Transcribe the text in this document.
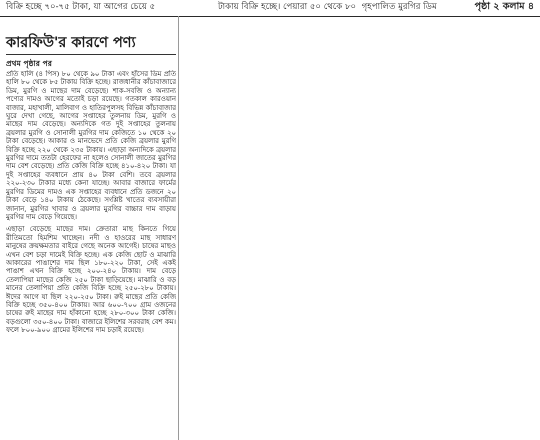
বিক্রি হচ্ছে ৭০-৭৫ টাকা, যা আগের চেয়ে ৫	টাকায় বিক্রি হচ্ছে। পেয়ারা ৫০ থেকে ৮০ গৃহপালিত মুরগির ডিম	পৃষ্ঠা ২ কলাম ৪
কারফিউ'র কারণে পণ্য
প্রথম পৃষ্ঠার পর

প্রতি হালি (৪ পিস) ৮০ থেকে ৯০ টাকা এবং হাঁসের ডিম প্রতি হালি ৮০ থেকে ৮৫ টাকায় বিক্রি হচ্ছে। রাজধানীর কাঁচাবাজারে ডিম, মুরগি ও মাছের দাম বেড়েছে। শাক-সবজি ও অন্যান্য পণ্যের দামও আগের মতোই চড়া রয়েছে। গতকাল কারওয়ান বাজার, মহাখালী, মালিবাগ ও হাতিরপুলসহ বিভিন্ন কাঁচাবাজার ঘুরে দেখা গেছে, আগের সপ্তাহের তুলনায় ডিম, মুরগি ও মাছের দাম বেড়েছে। অন্যদিকে গত দুই সপ্তাহের তুলনায় ব্রয়লার মুরগি ও সোনালী মুরগির দাম কেজিতে ১০ থেকে ২০ টাকা বেড়েছে। আকার ও মানভেদে প্রতি কেজি ব্রয়লার মুরগি বিক্রি হচ্ছে ২২০ থেকে ২৩৫ টাকায়। এছাড়া অন্যদিকে ব্রয়লার মুরগির দামে ততটা হেরফের না হলেও সোনালী জাতের মুরগির দাম বেশ বেড়েছে। প্রতি কেজি বিক্রি হচ্ছে ৪১০-৪২০ টাকা। যা দুই সপ্তাহের ব্যবধানে প্রায় ৪০ টাকা বেশি। তবে ব্রয়লার ২২০-২৩০ টাকার মধ্যে কেনা যাচ্ছে। আবার বাজারে ফার্মের মুরগির ডিমের দামও এক সপ্তাহের ব্যবধানে প্রতি ডজনে ২০ টাকা বেড়ে ১৪০ টাকায় ঠেকেছে। সংশ্লিষ্ট খাতের ব্যবসায়ীরা জানান, মুরগির খাবার ও ব্রয়লার মুরগির বাচ্চার দাম বাড়ায় মুরগির দাম বেড়ে গিয়েছে।

এছাড়া বেড়েছে মাছের দাম। ক্রেতারা মাছ কিনতে গিয়ে রীতিমতো হিমশিম খাচ্ছেন। নদী ও হাওরের মাছ সাধারণ মানুষের ক্রয়ক্ষমতার বাইরে গেছে অনেক আগেই। চাষের মাছও এখন বেশ চড়া দামেই বিক্রি হচ্ছে। এক কেজি ছোট ও মাঝারি আকারের পাঙাশের দাম ছিল ১৮০-২২০ টাকা, সেই একই পাঙাশ এখন বিক্রি হচ্ছে ২০০-২৪০ টাকায়। দাম বেড়ে তেলাপিয়া মাছের কেজি ২৫০ টাকা ছাড়িয়েছে। মাঝারি ও বড় মানের তেলাপিয়া প্রতি কেজি বিক্রি হচ্ছে ২৫০-২৮০ টাকায়। ঈদের আগে যা ছিল ২২০-২৫০ টাকা। রুই মাছের প্রতি কেজি বিক্রি হচ্ছে ৩৫০-৪০০ টাকায়। আর ৬০০-৭০০ গ্রাম ওজনের চাষের রুই মাছের দাম হাঁকানো হচ্ছে ২৮০-৩০০ টাকা কেজি। বড়গুলো ৩৫০-৪০০ টাকা। বাজারে ইলিশের সরবরাহ বেশ কম। ফলে ৮০০-৯০০ গ্রামের ইলিশের দাম চড়াই রয়েছে।
